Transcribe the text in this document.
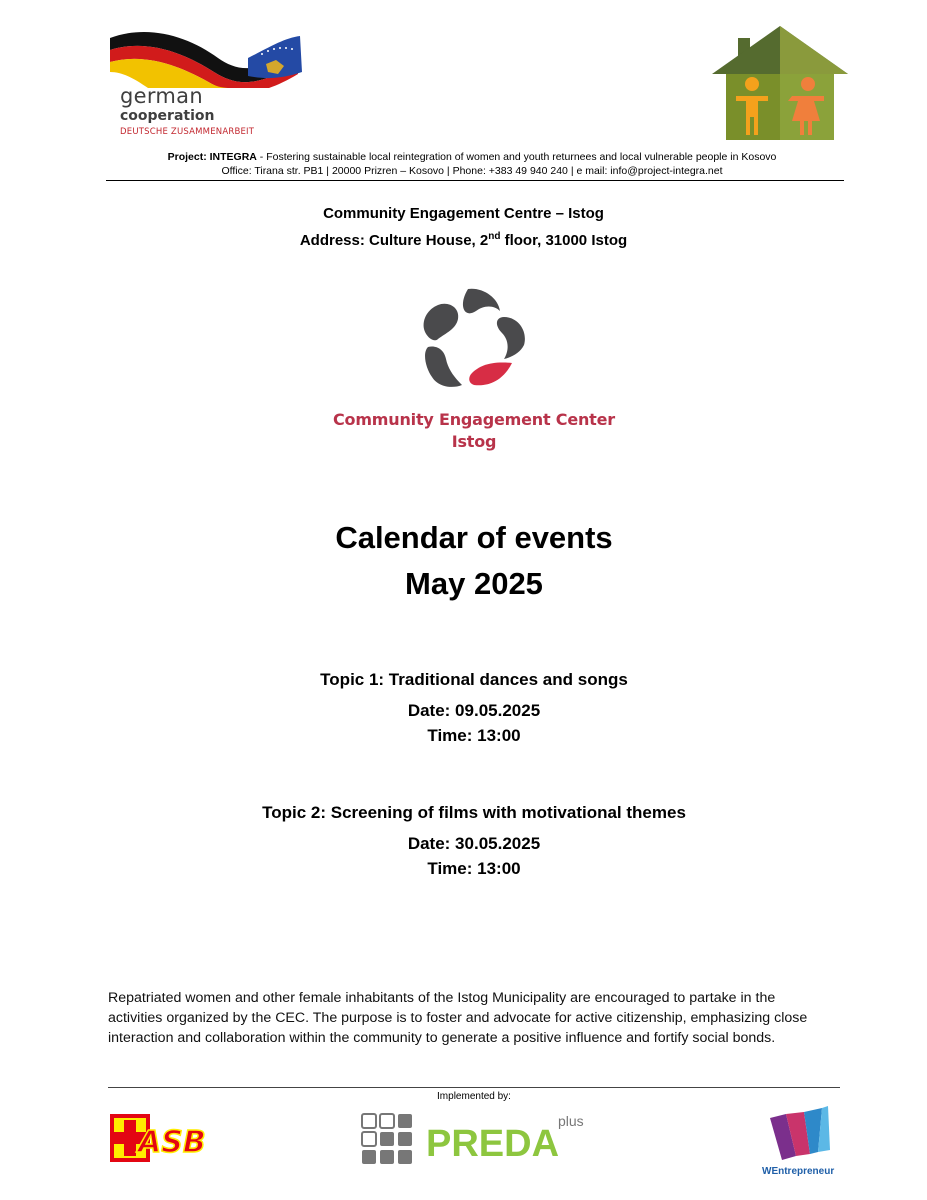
german
cooperation
DEUTSCHE ZUSAMMENARBEIT
Project: INTEGRA - Fostering sustainable local reintegration of women and youth returnees and local vulnerable people in Kosovo
Office: Tirana str. PB1 | 20000 Prizren – Kosovo | Phone: +383 49 940 240 | e mail: info@project-integra.net
Community Engagement Centre – Istog
Address: Culture House, 2nd floor, 31000 Istog
Community Engagement Center
Istog
Calendar of events
May 2025
Topic 1: Traditional dances and songs
Date: 09.05.2025
Time: 13:00
Topic 2: Screening of films with motivational themes
Date: 30.05.2025
Time: 13:00
Repatriated women and other female inhabitants of the Istog Municipality are encouraged to partake in the
activities organized by the CEC. The purpose is to foster and advocate for active citizenship, emphasizing close
interaction and collaboration within the community to generate a positive influence and fortify social bonds.
Implemented by:
ASB	PREDA
plus
WEntrepreneur
